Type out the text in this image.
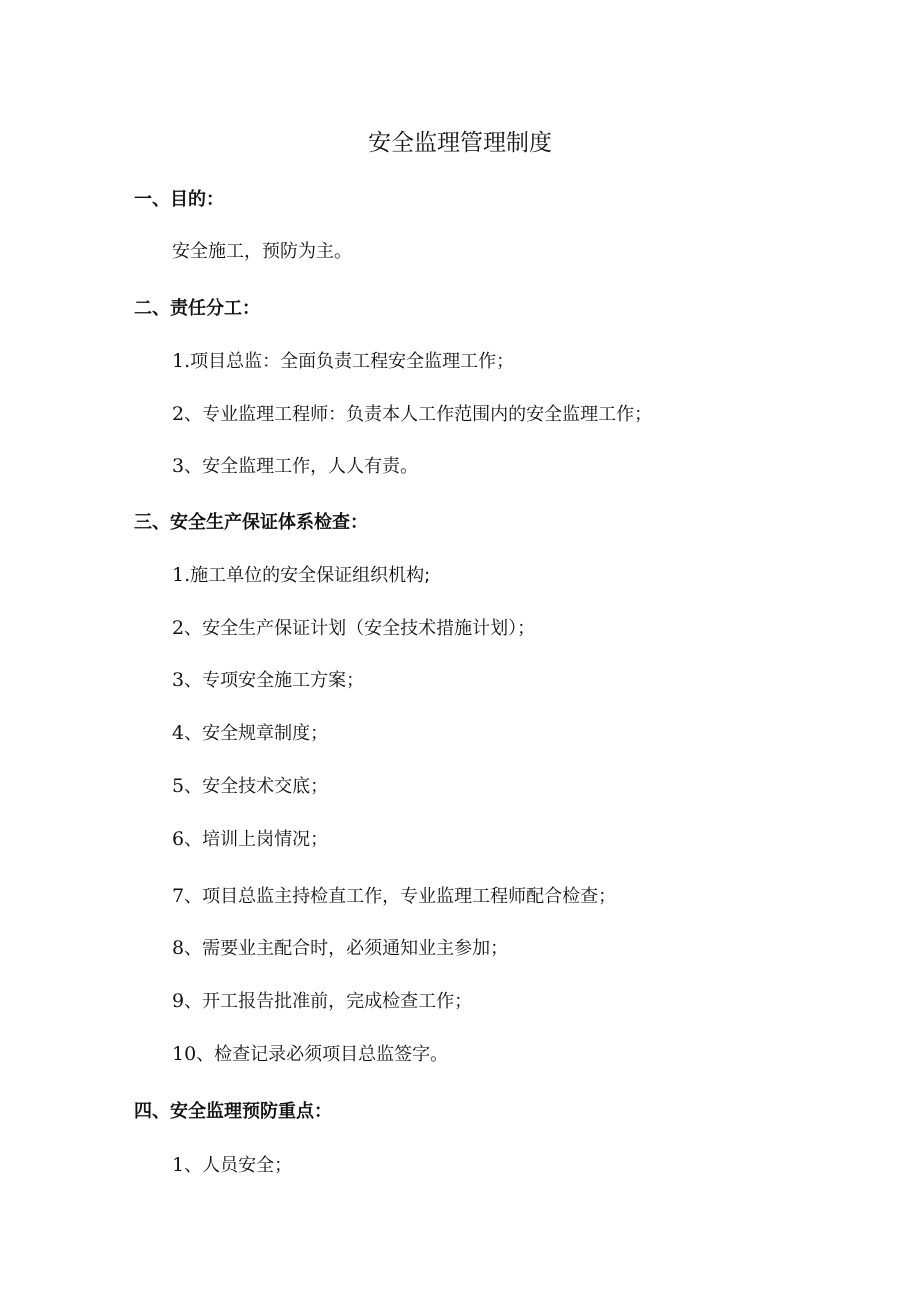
安全监理管理制度

一、目的：

安全施工，预防为主。

二、责任分工：

1.项目总监：全面负责工程安全监理工作；

2、专业监理工程师：负责本人工作范围内的安全监理工作；

3、安全监理工作，人人有责。

三、安全生产保证体系检查：

1.施工单位的安全保证组织机构;

2、安全生产保证计划（安全技术措施计划）；

3、专项安全施工方案；

4、安全规章制度；

5、安全技术交底；

6、培训上岗情况；

7、项目总监主持检直工作，专业监理工程师配合检查；

8、需要业主配合时，必须通知业主参加；

9、开工报告批准前，完成检查工作；

10、检查记录必须项目总监签字。

四、安全监理预防重点：

1、人员安全；
